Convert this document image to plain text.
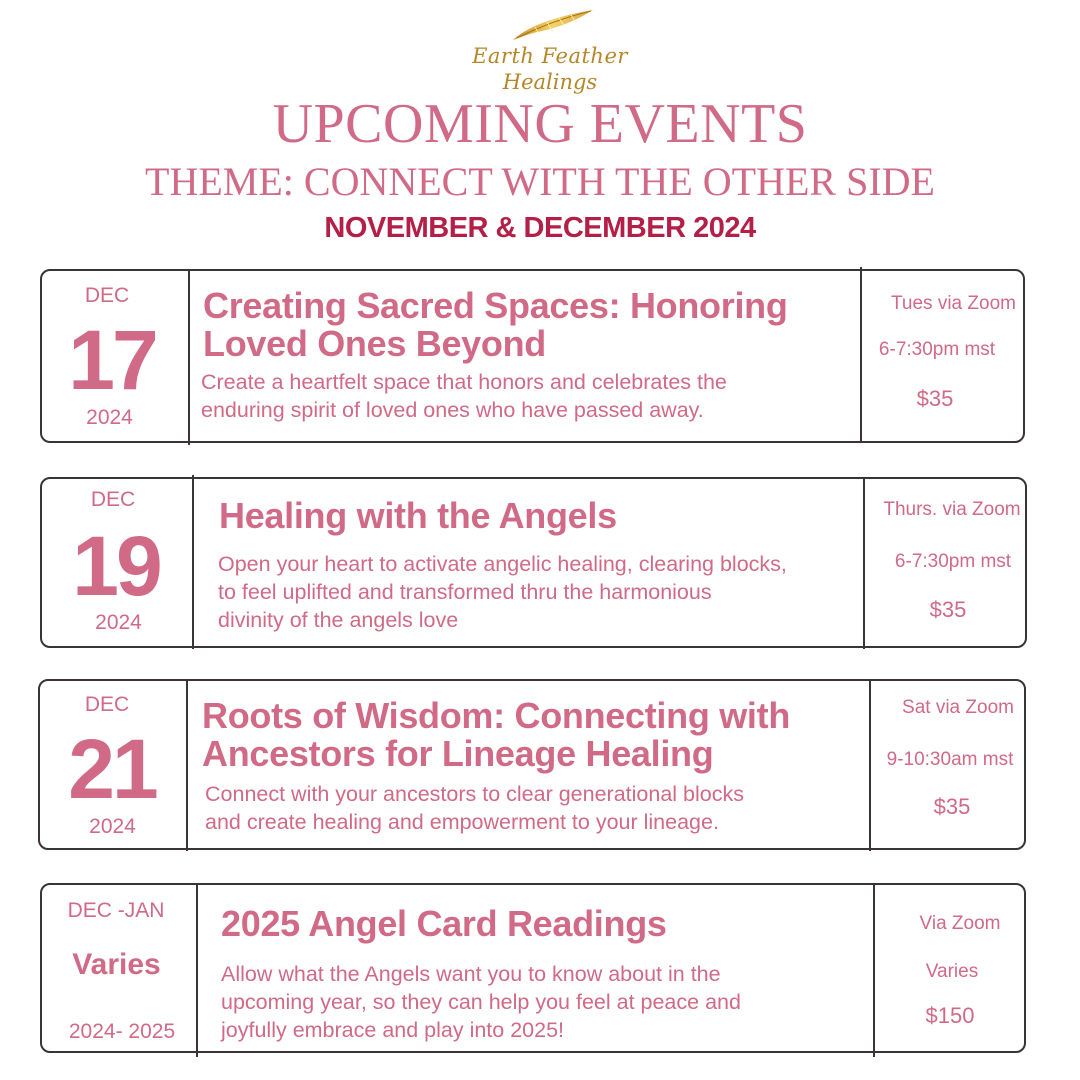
Earth Feather
Healings
UPCOMING EVENTS
THEME: CONNECT WITH THE OTHER SIDE
NOVEMBER & DECEMBER 2024
DEC
17
2024
Creating Sacred Spaces: Honoring
Loved Ones Beyond
Create a heartfelt space that honors and celebrates the
enduring spirit of loved ones who have passed away.
Tues via Zoom
6-7:30pm mst
$35
DEC
19
2024
Healing with the Angels
Open your heart to activate angelic healing, clearing blocks,
to feel uplifted and transformed thru the harmonious
divinity of the angels love
Thurs. via Zoom
6-7:30pm mst
$35
DEC
21
2024
Roots of Wisdom: Connecting with
Ancestors for Lineage Healing
Connect with your ancestors to clear generational blocks
and create healing and empowerment to your lineage.
Sat via Zoom
9-10:30am mst
$35
DEC -JAN
Varies
2024- 2025
2025 Angel Card Readings
Allow what the Angels want you to know about in the
upcoming year, so they can help you feel at peace and
joyfully embrace and play into 2025!
Via Zoom
Varies
$150
